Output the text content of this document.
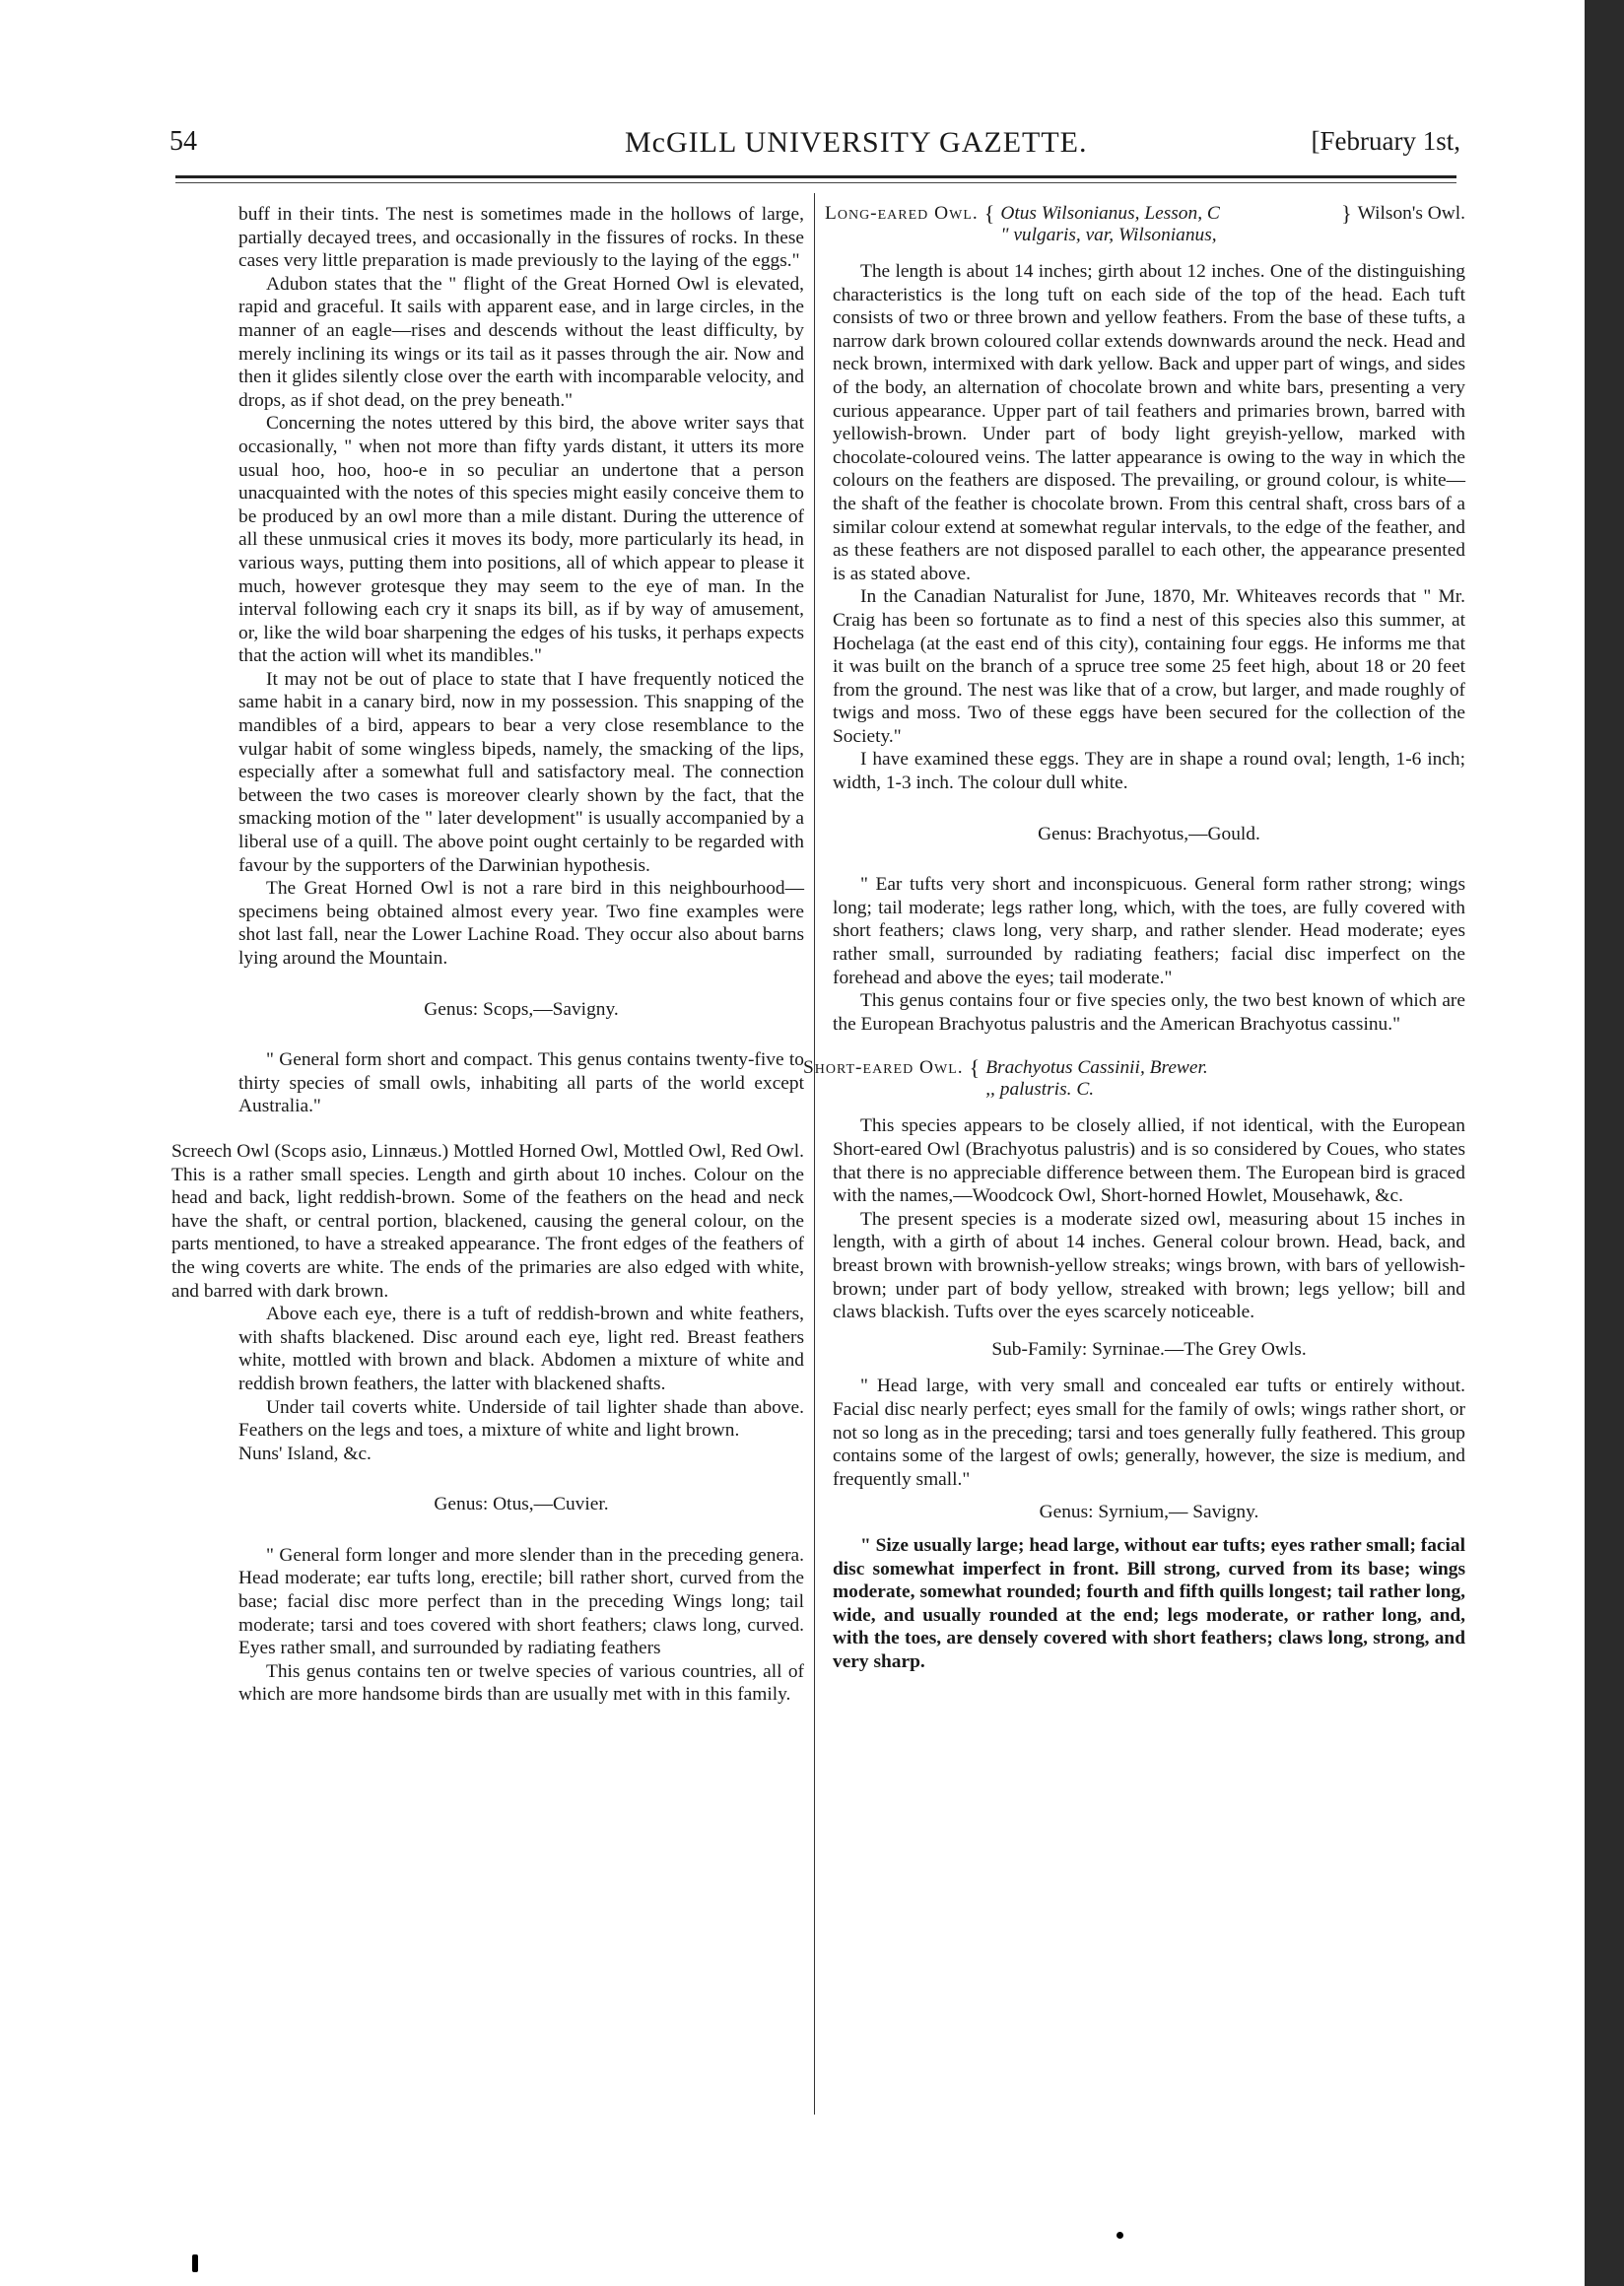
54	McGILL UNIVERSITY GAZETTE.	[February 1st,

buff in their tints. The nest is sometimes made in the hollows of large, partially decayed trees, and occasionally in the fissures of rocks. In these cases very little preparation is made previously to the laying of the eggs."

Adubon states that the " flight of the Great Horned Owl is elevated, rapid and graceful. It sails with apparent ease, and in large circles, in the manner of an eagle—rises and descends without the least difficulty, by merely inclining its wings or its tail as it passes through the air. Now and then it glides silently close over the earth with incomparable velocity, and drops, as if shot dead, on the prey beneath."

Concerning the notes uttered by this bird, the above writer says that occasionally, " when not more than fifty yards distant, it utters its more usual hoo, hoo, hoo-e in so peculiar an undertone that a person unacquainted with the notes of this species might easily conceive them to be produced by an owl more than a mile distant. During the utterence of all these unmusical cries it moves its body, more particularly its head, in various ways, putting them into positions, all of which appear to please it much, however grotesque they may seem to the eye of man. In the interval following each cry it snaps its bill, as if by way of amusement, or, like the wild boar sharpening the edges of his tusks, it perhaps expects that the action will whet its mandibles."

It may not be out of place to state that I have frequently noticed the same habit in a canary bird, now in my possession. This snapping of the mandibles of a bird, appears to bear a very close resemblance to the vulgar habit of some wingless bipeds, namely, the smacking of the lips, especially after a somewhat full and satisfactory meal. The connection between the two cases is moreover clearly shown by the fact, that the smacking motion of the " later development" is usually accompanied by a liberal use of a quill. The above point ought certainly to be regarded with favour by the supporters of the Darwinian hypothesis.

The Great Horned Owl is not a rare bird in this neighbourhood—specimens being obtained almost every year. Two fine examples were shot last fall, near the Lower Lachine Road. They occur also about barns lying around the Mountain.

Genus: Scops,—Savigny.

" General form short and compact. This genus contains twenty-five to thirty species of small owls, inhabiting all parts of the world except Australia."

Screech Owl (Scops asio, Linnæus.) Mottled Horned Owl, Mottled Owl, Red Owl. This is a rather small species. Length and girth about 10 inches. Colour on the head and back, light reddish-brown. Some of the feathers on the head and neck have the shaft, or central portion, blackened, causing the general colour, on the parts mentioned, to have a streaked appearance. The front edges of the feathers of the wing coverts are white. The ends of the primaries are also edged with white, and barred with dark brown.

Above each eye, there is a tuft of reddish-brown and white feathers, with shafts blackened. Disc around each eye, light red. Breast feathers white, mottled with brown and black. Abdomen a mixture of white and reddish brown feathers, the latter with blackened shafts.

Under tail coverts white. Underside of tail lighter shade than above. Feathers on the legs and toes, a mixture of white and light brown.

Nuns' Island, &c.

Genus: Otus,—Cuvier.

" General form longer and more slender than in the preceding genera. Head moderate; ear tufts long, erectile; bill rather short, curved from the base; facial disc more perfect than in the preceding Wings long; tail moderate; tarsi and toes covered with short feathers; claws long, curved. Eyes rather small, and surrounded by radiating feathers

This genus contains ten or twelve species of various countries, all of which are more handsome birds than are usually met with in this family.

Long-eared Owl. { Otus Wilsonianus, Lesson, C
" vulgaris, var, Wilsonianus,
} Wilson's Owl.

The length is about 14 inches; girth about 12 inches. One of the distinguishing characteristics is the long tuft on each side of the top of the head. Each tuft consists of two or three brown and yellow feathers. From the base of these tufts, a narrow dark brown coloured collar extends downwards around the neck. Head and neck brown, intermixed with dark yellow. Back and upper part of wings, and sides of the body, an alternation of chocolate brown and white bars, presenting a very curious appearance. Upper part of tail feathers and primaries brown, barred with yellowish-brown. Under part of body light greyish-yellow, marked with chocolate-coloured veins. The latter appearance is owing to the way in which the colours on the feathers are disposed. The prevailing, or ground colour, is white—the shaft of the feather is chocolate brown. From this central shaft, cross bars of a similar colour extend at somewhat regular intervals, to the edge of the feather, and as these feathers are not disposed parallel to each other, the appearance presented is as stated above.

In the Canadian Naturalist for June, 1870, Mr. Whiteaves records that " Mr. Craig has been so fortunate as to find a nest of this species also this summer, at Hochelaga (at the east end of this city), containing four eggs. He informs me that it was built on the branch of a spruce tree some 25 feet high, about 18 or 20 feet from the ground. The nest was like that of a crow, but larger, and made roughly of twigs and moss. Two of these eggs have been secured for the collection of the Society."

I have examined these eggs. They are in shape a round oval; length, 1-6 inch; width, 1-3 inch. The colour dull white.

Genus: Brachyotus,—Gould.

" Ear tufts very short and inconspicuous. General form rather strong; wings long; tail moderate; legs rather long, which, with the toes, are fully covered with short feathers; claws long, very sharp, and rather slender. Head moderate; eyes rather small, surrounded by radiating feathers; facial disc imperfect on the forehead and above the eyes; tail moderate."

This genus contains four or five species only, the two best known of which are the European Brachyotus palustris and the American Brachyotus cassinu."

Short-eared Owl. { Brachyotus Cassinii, Brewer.
,, palustris. C.

This species appears to be closely allied, if not identical, with the European Short-eared Owl (Brachyotus palustris) and is so considered by Coues, who states that there is no appreciable difference between them. The European bird is graced with the names,—Woodcock Owl, Short-horned Howlet, Mousehawk, &c.

The present species is a moderate sized owl, measuring about 15 inches in length, with a girth of about 14 inches. General colour brown. Head, back, and breast brown with brownish-yellow streaks; wings brown, with bars of yellowish-brown; under part of body yellow, streaked with brown; legs yellow; bill and claws blackish. Tufts over the eyes scarcely noticeable.

Sub-Family: Syrninae.—The Grey Owls.

" Head large, with very small and concealed ear tufts or entirely without. Facial disc nearly perfect; eyes small for the family of owls; wings rather short, or not so long as in the preceding; tarsi and toes generally fully feathered. This group contains some of the largest of owls; generally, however, the size is medium, and frequently small."

Genus: Syrnium,— Savigny.

" Size usually large; head large, without ear tufts; eyes rather small; facial disc somewhat imperfect in front. Bill strong, curved from its base; wings moderate, somewhat rounded; fourth and fifth quills longest; tail rather long, wide, and usually rounded at the end; legs moderate, or rather long, and, with the toes, are densely covered with short feathers; claws long, strong, and very sharp.
